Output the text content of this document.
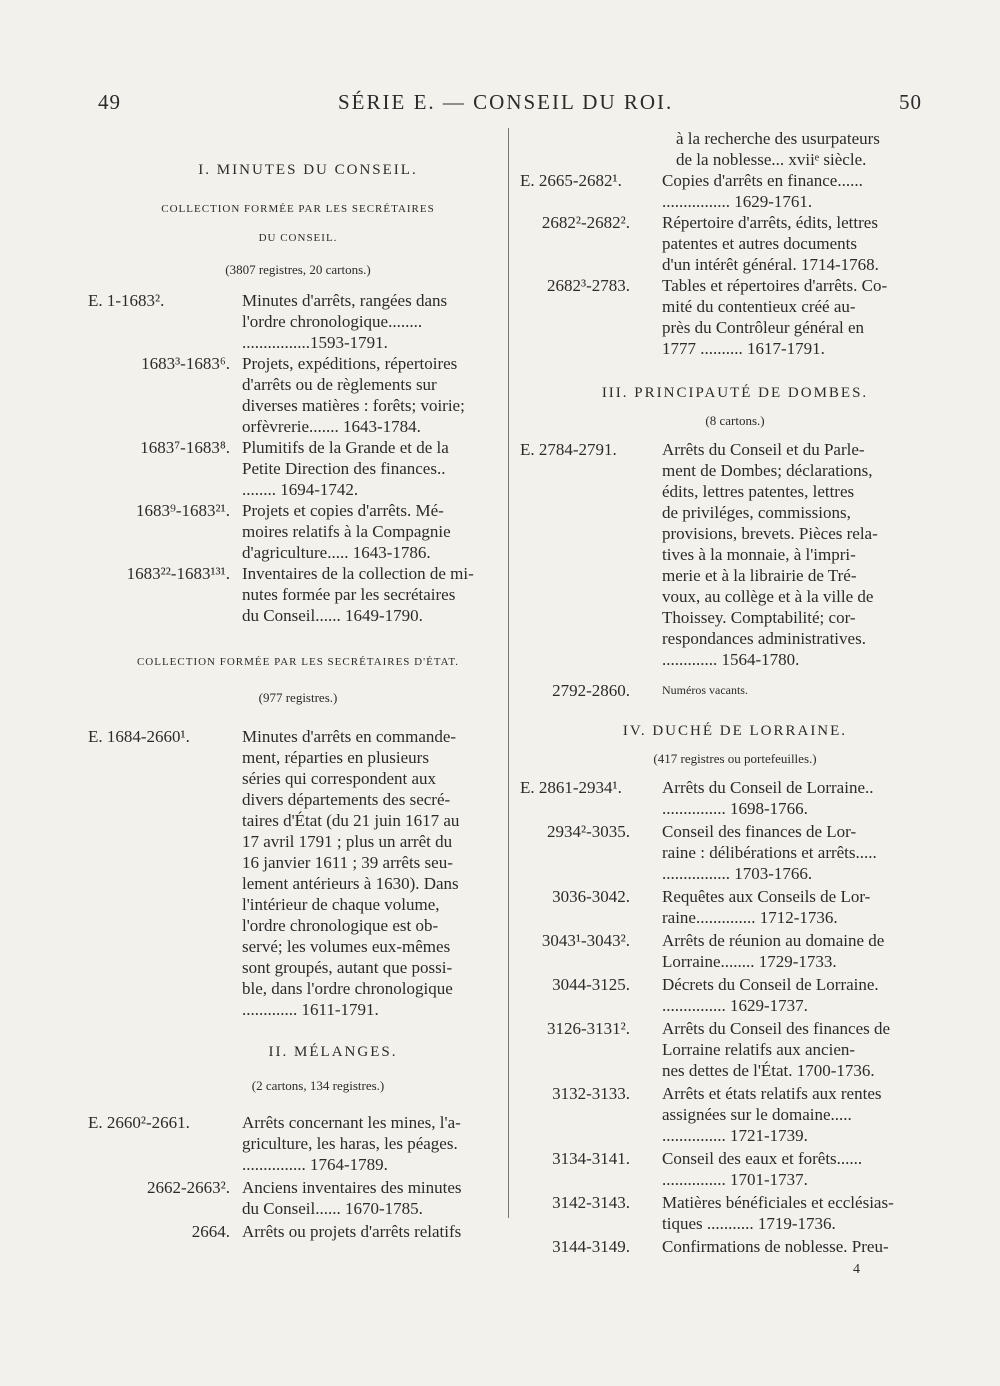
49	SÉRIE E. — CONSEIL DU ROI.	50
I. MINUTES DU CONSEIL.
COLLECTION FORMÉE PAR LES SECRÉTAIRES
DU CONSEIL.
(3807 registres, 20 cartons.)
E. 1-1683².	Minutes d'arrêts, rangées dans
l'ordre chronologique........
................1593-1791.
1683³-1683⁶. Projets, expéditions, répertoires
d'arrêts ou de règlements sur
diverses matières : forêts; voirie;
orfèvrerie....... 1643-1784.
1683⁷-1683⁸. Plumitifs de la Grande et de la
Petite Direction des finances..
........ 1694-1742.
1683⁹-1683²¹. Projets et copies d'arrêts. Mé-
moires relatifs à la Compagnie
d'agriculture..... 1643-1786.
1683²²-1683¹³¹. Inventaires de la collection de mi-
nutes formée par les secrétaires
du Conseil...... 1649-1790.
COLLECTION FORMÉE PAR LES SECRÉTAIRES D'ÉTAT.
(977 registres.)
E. 1684-2660¹.	Minutes d'arrêts en commande-
ment, réparties en plusieurs
séries qui correspondent aux
divers départements des secré-
taires d'État (du 21 juin 1617 au
17 avril 1791 ; plus un arrêt du
16 janvier 1611 ; 39 arrêts seu-
lement antérieurs à 1630). Dans
l'intérieur de chaque volume,
l'ordre chronologique est ob-
servé; les volumes eux-mêmes
sont groupés, autant que possi-
ble, dans l'ordre chronologique
............. 1611-1791.
II. MÉLANGES.
(2 cartons, 134 registres.)
E. 2660²-2661.	Arrêts concernant les mines, l'a-
griculture, les haras, les péages.
............... 1764-1789.
2662-2663². Anciens inventaires des minutes
du Conseil...... 1670-1785.
2664. Arrêts ou projets d'arrêts relatifs
à la recherche des usurpateurs
de la noblesse... xviiᵉ siècle.
E. 2665-2682¹.	Copies d'arrêts en finance......
................ 1629-1761.
2682²-2682². Répertoire d'arrêts, édits, lettres
patentes et autres documents
d'un intérêt général. 1714-1768.
2682³-2783. Tables et répertoires d'arrêts. Co-
mité du contentieux créé au-
près du Contrôleur général en
1777 .......... 1617-1791.
III. PRINCIPAUTÉ DE DOMBES.
(8 cartons.)
E. 2784-2791.	Arrêts du Conseil et du Parle-
ment de Dombes; déclarations,
édits, lettres patentes, lettres
de priviléges, commissions,
provisions, brevets. Pièces rela-
tives à la monnaie, à l'impri-
merie et à la librairie de Tré-
voux, au collège et à la ville de
Thoissey. Comptabilité; cor-
respondances administratives.
............. 1564-1780.
2792-2860.	Numéros vacants.
IV. DUCHÉ DE LORRAINE.
(417 registres ou portefeuilles.)
E. 2861-2934¹.	Arrêts du Conseil de Lorraine..
............... 1698-1766.
2934²-3035. Conseil des finances de Lor-
raine : délibérations et arrêts.....
................ 1703-1766.
3036-3042. Requêtes aux Conseils de Lor-
raine.............. 1712-1736.
3043¹-3043². Arrêts de réunion au domaine de
Lorraine........ 1729-1733.
3044-3125. Décrets du Conseil de Lorraine.
............... 1629-1737.
3126-3131². Arrêts du Conseil des finances de
Lorraine relatifs aux ancien-
nes dettes de l'État. 1700-1736.
3132-3133. Arrêts et états relatifs aux rentes
assignées sur le domaine.....
............... 1721-1739.
3134-3141. Conseil des eaux et forêts......
............... 1701-1737.
3142-3143. Matières bénéficiales et ecclésias-
tiques ........... 1719-1736.
3144-3149. Confirmations de noblesse. Preu-
4
